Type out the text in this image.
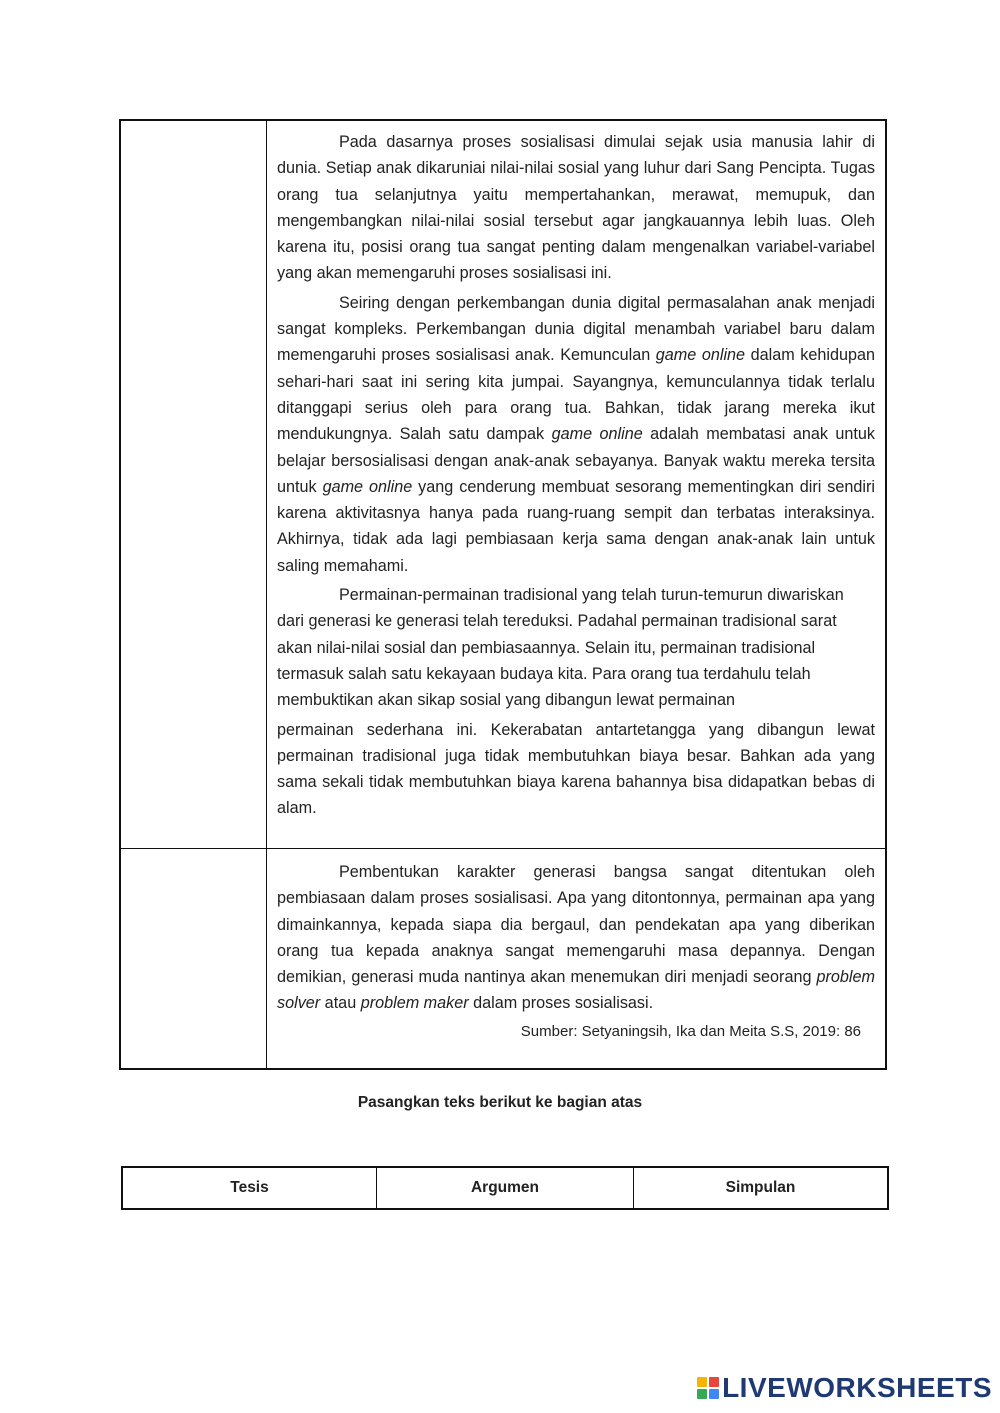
Pada dasarnya proses sosialisasi dimulai sejak usia manusia lahir di dunia. Setiap anak dikaruniai nilai-nilai sosial yang luhur dari Sang Pencipta. Tugas orang tua selanjutnya yaitu mempertahankan, merawat, memupuk, dan mengembangkan nilai-nilai sosial tersebut agar jangkauannya lebih luas. Oleh karena itu, posisi orang tua sangat penting dalam mengenalkan variabel-variabel yang akan memengaruhi proses sosialisasi ini.

Seiring dengan perkembangan dunia digital permasalahan anak menjadi sangat kompleks. Perkembangan dunia digital menambah variabel baru dalam memengaruhi proses sosialisasi anak. Kemunculan game online dalam kehidupan sehari-hari saat ini sering kita jumpai. Sayangnya, kemunculannya tidak terlalu ditanggapi serius oleh para orang tua. Bahkan, tidak jarang mereka ikut mendukungnya. Salah satu dampak game online adalah membatasi anak untuk belajar bersosialisasi dengan anak-anak sebayanya. Banyak waktu mereka tersita untuk game online yang cenderung membuat sesorang mementingkan diri sendiri karena aktivitasnya hanya pada ruang-ruang sempit dan terbatas interaksinya. Akhirnya, tidak ada lagi pembiasaan kerja sama dengan anak-anak lain untuk saling memahami.

Permainan-permainan tradisional yang telah turun-temurun diwariskan dari generasi ke generasi telah tereduksi. Padahal permainan tradisional sarat akan nilai-nilai sosial dan pembiasaannya. Selain itu, permainan tradisional termasuk salah satu kekayaan budaya kita. Para orang tua terdahulu telah membuktikan akan sikap sosial yang dibangun lewat permainan

permainan sederhana ini. Kekerabatan antartetangga yang dibangun lewat permainan tradisional juga tidak membutuhkan biaya besar. Bahkan ada yang sama sekali tidak membutuhkan biaya karena bahannya bisa didapatkan bebas di alam.

Pembentukan karakter generasi bangsa sangat ditentukan oleh pembiasaan dalam proses sosialisasi. Apa yang ditontonnya, permainan apa yang dimainkannya, kepada siapa dia bergaul, dan pendekatan apa yang diberikan orang tua kepada anaknya sangat memengaruhi masa depannya. Dengan demikian, generasi muda nantinya akan menemukan diri menjadi seorang problem solver atau problem maker dalam proses sosialisasi.

Sumber: Setyaningsih, Ika dan Meita S.S, 2019: 86

Pasangkan teks berikut ke bagian atas
Tesis	Argumen	Simpulan
LIVEWORKSHEETS
